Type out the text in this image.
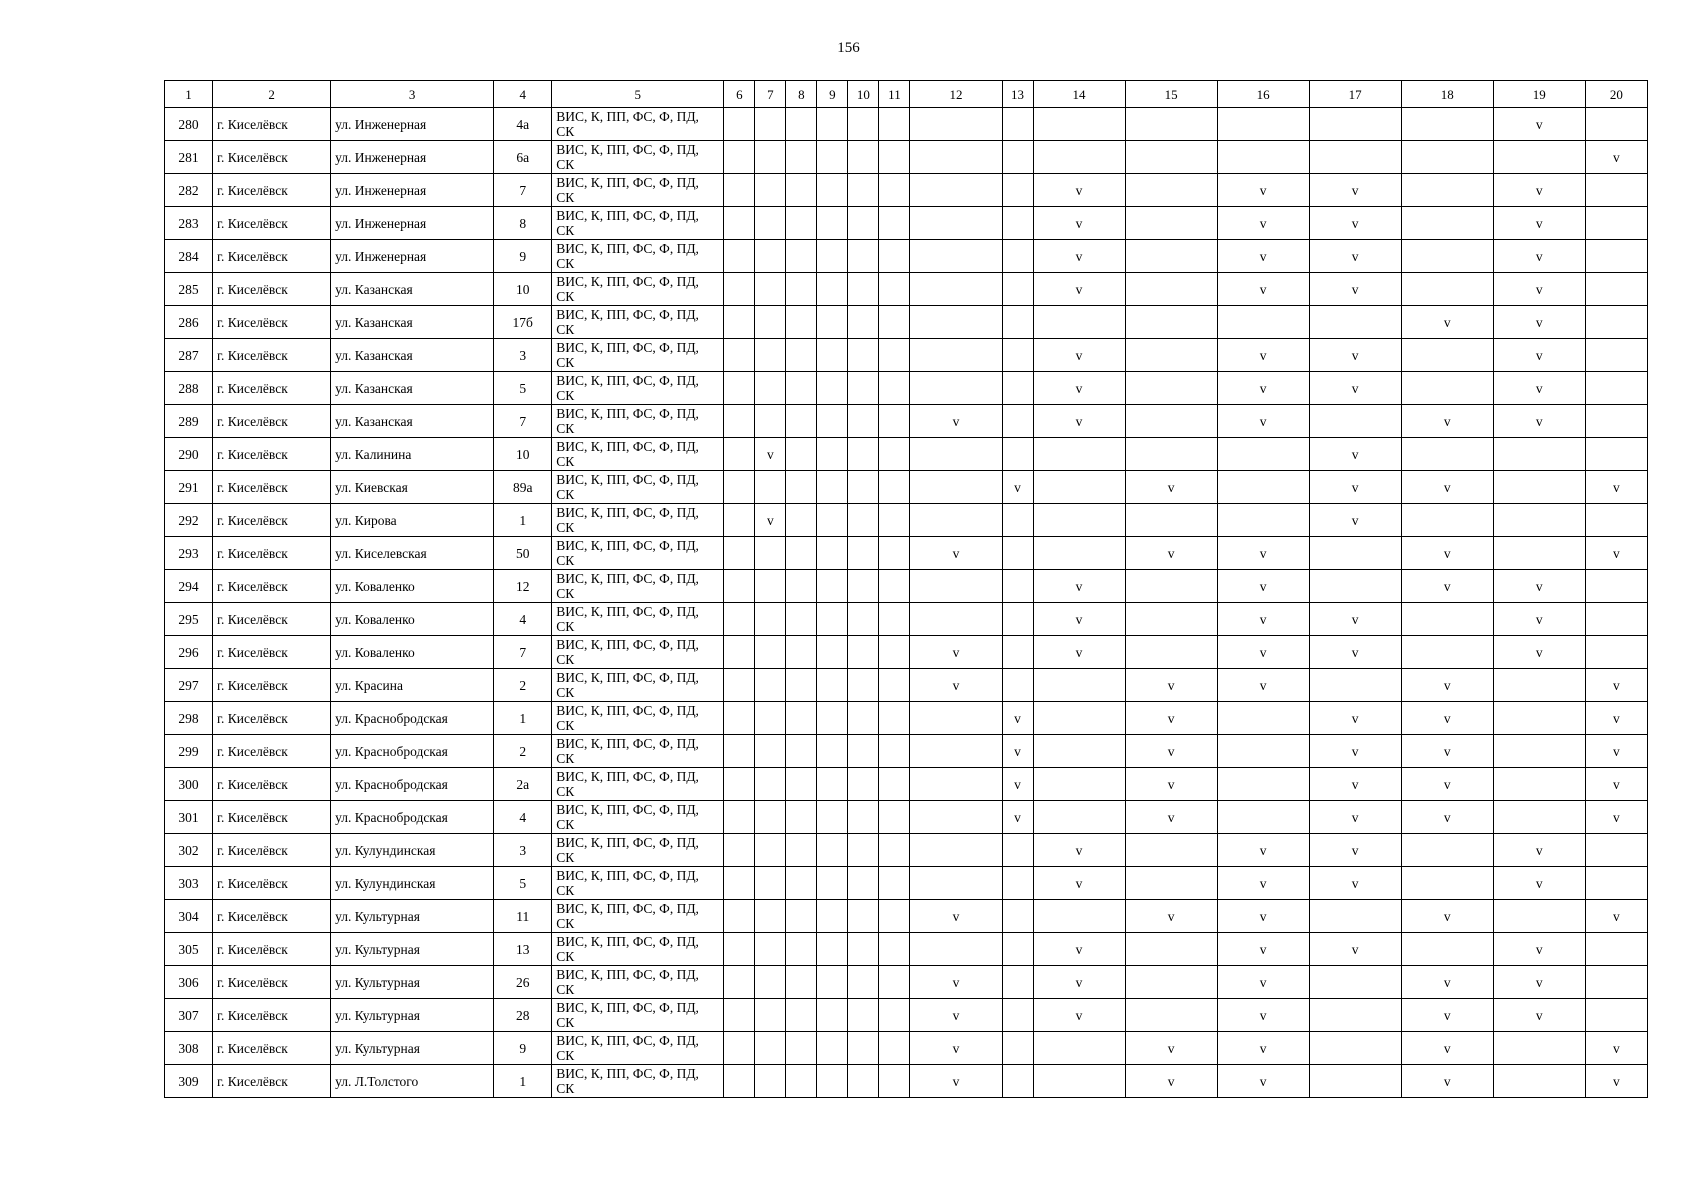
156
1	2	3	4	5	6	7	8	9	10	11	12	13	14	15	16	17	18	19	20
280	г. Киселёвск	ул. Инженерная	4а	ВИС, К, ПП, ФС, Ф, ПД, СК														v	
281	г. Киселёвск	ул. Инженерная	6а	ВИС, К, ПП, ФС, Ф, ПД, СК															v
282	г. Киселёвск	ул. Инженерная	7	ВИС, К, ПП, ФС, Ф, ПД, СК									v		v	v		v	
283	г. Киселёвск	ул. Инженерная	8	ВИС, К, ПП, ФС, Ф, ПД, СК									v		v	v		v	
284	г. Киселёвск	ул. Инженерная	9	ВИС, К, ПП, ФС, Ф, ПД, СК									v		v	v		v	
285	г. Киселёвск	ул. Казанская	10	ВИС, К, ПП, ФС, Ф, ПД, СК									v		v	v		v	
286	г. Киселёвск	ул. Казанская	17б	ВИС, К, ПП, ФС, Ф, ПД, СК													v	v	
287	г. Киселёвск	ул. Казанская	3	ВИС, К, ПП, ФС, Ф, ПД, СК									v		v	v		v	
288	г. Киселёвск	ул. Казанская	5	ВИС, К, ПП, ФС, Ф, ПД, СК									v		v	v		v	
289	г. Киселёвск	ул. Казанская	7	ВИС, К, ПП, ФС, Ф, ПД, СК							v		v		v		v	v	
290	г. Киселёвск	ул. Калинина	10	ВИС, К, ПП, ФС, Ф, ПД, СК		v										v			
291	г. Киселёвск	ул. Киевская	89а	ВИС, К, ПП, ФС, Ф, ПД, СК								v		v		v	v		v
292	г. Киселёвск	ул. Кирова	1	ВИС, К, ПП, ФС, Ф, ПД, СК		v										v			
293	г. Киселёвск	ул. Киселевская	50	ВИС, К, ПП, ФС, Ф, ПД, СК							v			v	v		v		v
294	г. Киселёвск	ул. Коваленко	12	ВИС, К, ПП, ФС, Ф, ПД, СК									v		v		v	v	
295	г. Киселёвск	ул. Коваленко	4	ВИС, К, ПП, ФС, Ф, ПД, СК									v		v	v		v	
296	г. Киселёвск	ул. Коваленко	7	ВИС, К, ПП, ФС, Ф, ПД, СК							v		v		v	v		v	
297	г. Киселёвск	ул. Красина	2	ВИС, К, ПП, ФС, Ф, ПД, СК							v			v	v		v		v
298	г. Киселёвск	ул. Краснобродская	1	ВИС, К, ПП, ФС, Ф, ПД, СК								v		v		v	v		v
299	г. Киселёвск	ул. Краснобродская	2	ВИС, К, ПП, ФС, Ф, ПД, СК								v		v		v	v		v
300	г. Киселёвск	ул. Краснобродская	2а	ВИС, К, ПП, ФС, Ф, ПД, СК								v		v		v	v		v
301	г. Киселёвск	ул. Краснобродская	4	ВИС, К, ПП, ФС, Ф, ПД, СК								v		v		v	v		v
302	г. Киселёвск	ул. Кулундинская	3	ВИС, К, ПП, ФС, Ф, ПД, СК									v		v	v		v	
303	г. Киселёвск	ул. Кулундинская	5	ВИС, К, ПП, ФС, Ф, ПД, СК									v		v	v		v	
304	г. Киселёвск	ул. Культурная	11	ВИС, К, ПП, ФС, Ф, ПД, СК							v			v	v		v		v
305	г. Киселёвск	ул. Культурная	13	ВИС, К, ПП, ФС, Ф, ПД, СК									v		v	v		v	
306	г. Киселёвск	ул. Культурная	26	ВИС, К, ПП, ФС, Ф, ПД, СК							v		v		v		v	v	
307	г. Киселёвск	ул. Культурная	28	ВИС, К, ПП, ФС, Ф, ПД, СК							v		v		v		v	v	
308	г. Киселёвск	ул. Культурная	9	ВИС, К, ПП, ФС, Ф, ПД, СК							v			v	v		v		v
309	г. Киселёвск	ул. Л.Толстого	1	ВИС, К, ПП, ФС, Ф, ПД, СК							v			v	v		v		v
